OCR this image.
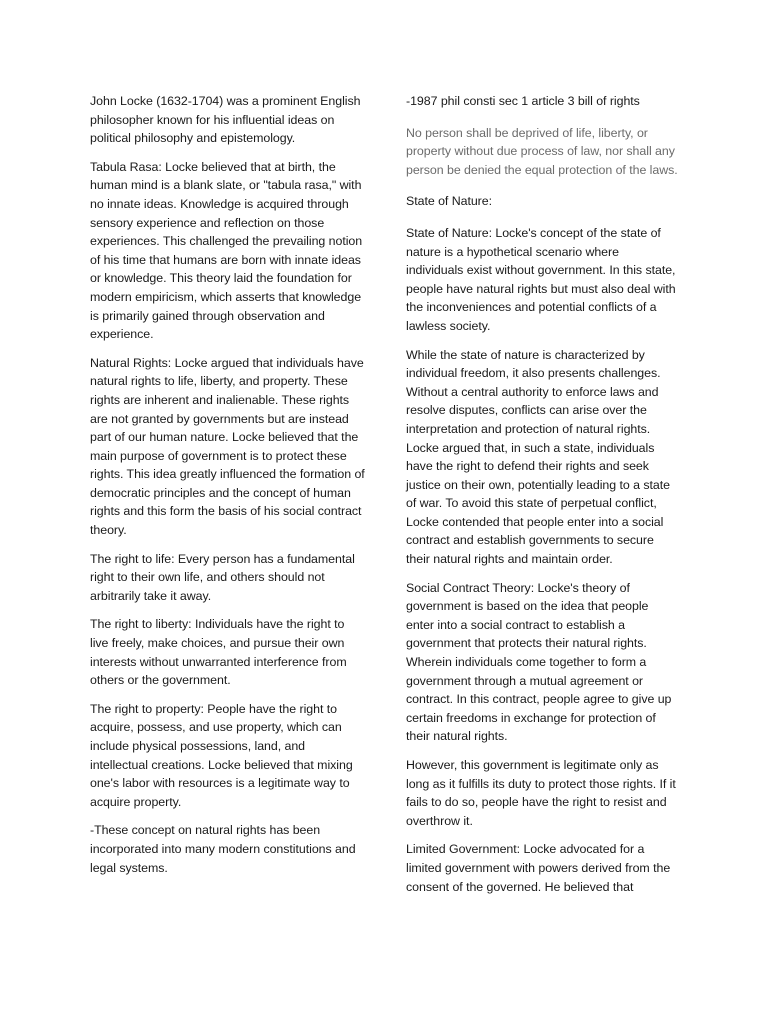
John Locke (1632-1704) was a prominent English philosopher known for his influential ideas on political philosophy and epistemology.

Tabula Rasa: Locke believed that at birth, the human mind is a blank slate, or "tabula rasa," with no innate ideas. Knowledge is acquired through sensory experience and reflection on those experiences. This challenged the prevailing notion of his time that humans are born with innate ideas or knowledge. This theory laid the foundation for modern empiricism, which asserts that knowledge is primarily gained through observation and experience.

Natural Rights: Locke argued that individuals have natural rights to life, liberty, and property. These rights are inherent and inalienable. These rights are not granted by governments but are instead part of our human nature. Locke believed that the main purpose of government is to protect these rights. This idea greatly influenced the formation of democratic principles and the concept of human rights and this form the basis of his social contract theory.

The right to life: Every person has a fundamental right to their own life, and others should not arbitrarily take it away.

The right to liberty: Individuals have the right to live freely, make choices, and pursue their own interests without unwarranted interference from others or the government.

The right to property: People have the right to acquire, possess, and use property, which can include physical possessions, land, and intellectual creations. Locke believed that mixing one's labor with resources is a legitimate way to acquire property.

-These concept on natural rights has been incorporated into many modern constitutions and legal systems.

-1987 phil consti sec 1 article 3 bill of rights

No person shall be deprived of life, liberty, or property without due process of law, nor shall any person be denied the equal protection of the laws.

State of Nature:

State of Nature: Locke's concept of the state of nature is a hypothetical scenario where individuals exist without government. In this state, people have natural rights but must also deal with the inconveniences and potential conflicts of a lawless society.

While the state of nature is characterized by individual freedom, it also presents challenges. Without a central authority to enforce laws and resolve disputes, conflicts can arise over the interpretation and protection of natural rights. Locke argued that, in such a state, individuals have the right to defend their rights and seek justice on their own, potentially leading to a state of war. To avoid this state of perpetual conflict, Locke contended that people enter into a social contract and establish governments to secure their natural rights and maintain order.

Social Contract Theory: Locke's theory of government is based on the idea that people enter into a social contract to establish a government that protects their natural rights. Wherein individuals come together to form a government through a mutual agreement or contract. In this contract, people agree to give up certain freedoms in exchange for protection of their natural rights.

However, this government is legitimate only as long as it fulfills its duty to protect those rights. If it fails to do so, people have the right to resist and overthrow it.

Limited Government: Locke advocated for a limited government with powers derived from the consent of the governed. He believed that
